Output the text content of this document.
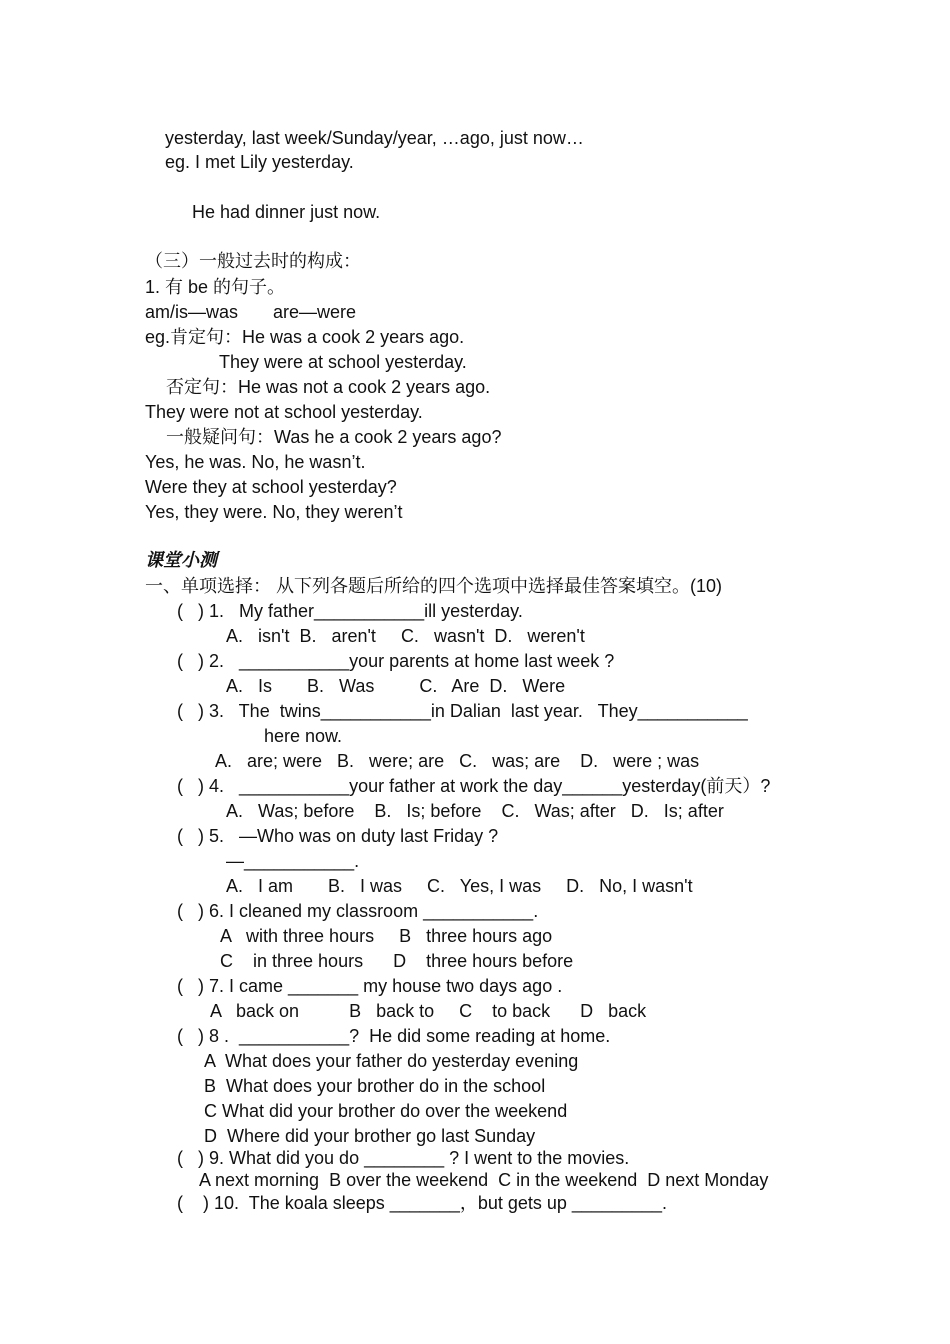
yesterday, last week/Sunday/year, …ago, just now…
eg. I met Lily yesterday.
He had dinner just now.
（三）一般过去时的构成：
1. 有 be 的句子。
am/is—was       are—were
eg.肯定句：He was a cook 2 years ago.
They were at school yesterday.
否定句：He was not a cook 2 years ago.
They were not at school yesterday.
一般疑问句：Was he a cook 2 years ago?
Yes, he was. No, he wasn’t.
Were they at school yesterday?
Yes, they were. No, they weren’t
课堂小测
一、单项选择： 从下列各题后所给的四个选项中选择最佳答案填空。(10)
(   ) 1.   My father___________ill yesterday.
A.   isn't  B.   aren't     C.   wasn't  D.   weren't
(   ) 2.   ___________your parents at home last week ?
A.   Is       B.   Was         C.   Are  D.   Were
(   ) 3.   The  twins___________in Dalian  last year.   They___________
here now.
A.   are; were   B.   were; are   C.   was; are    D.   were ; was
(   ) 4.   ___________your father at work the day______yesterday(前天）?
A.   Was; before    B.   Is; before    C.   Was; after   D.   Is; after
(   ) 5.   —Who was on duty last Friday ?
—___________.
A.   I am       B.   I was     C.   Yes, I was     D.   No, I wasn't
(   ) 6. I cleaned my classroom ___________.
A   with three hours     B   three hours ago
C    in three hours      D    three hours before
(   ) 7. I came _______ my house two days ago .
A   back on          B   back to     C    to back      D   back
(   ) 8 .  ___________?  He did some reading at home.
A  What does your father do yesterday evening
B  What does your brother do in the school
C What did your brother do over the weekend
D  Where did your brother go last Sunday
(   ) 9. What did you do ________ ? I went to the movies.
A next morning  B over the weekend  C in the weekend  D next Monday
(    ) 10.  The koala sleeps _______，but gets up _________.
